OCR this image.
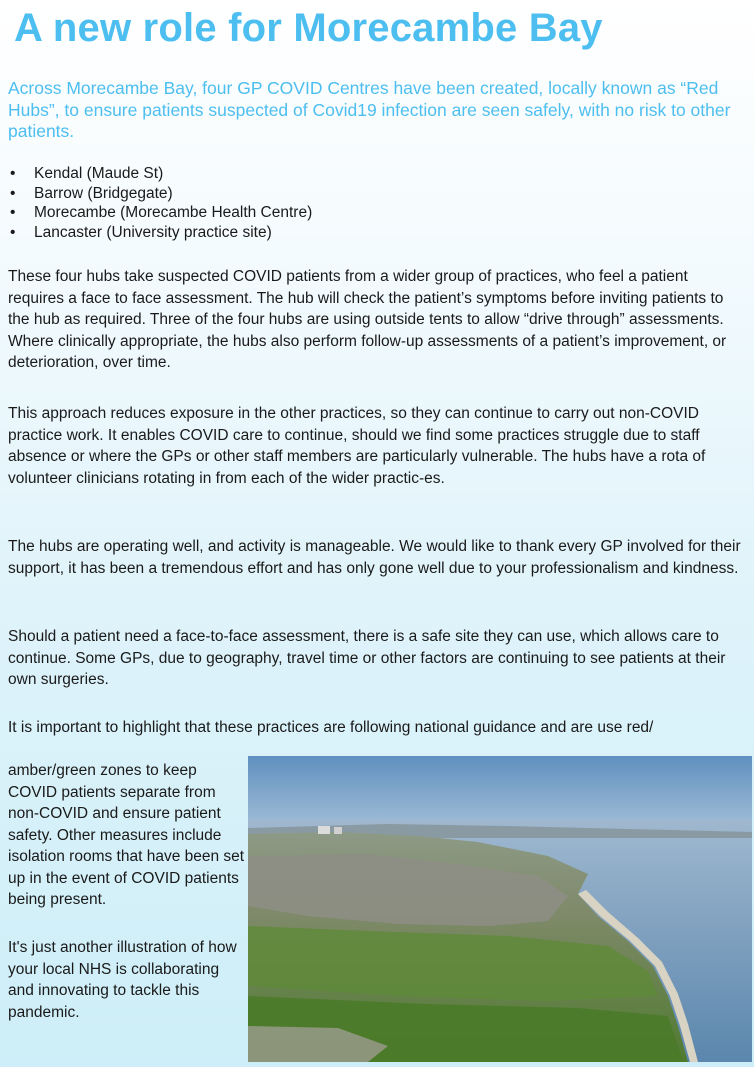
A new role for Morecambe Bay

Across Morecambe Bay, four GP COVID Centres have been created, locally known as “Red Hubs”, to ensure patients suspected of Covid19 infection are seen safely, with no risk to other patients.

• Kendal (Maude St)
• Barrow (Bridgegate)
• Morecambe (Morecambe Health Centre)
• Lancaster (University practice site)

These four hubs take suspected COVID patients from a wider group of practices, who feel a patient requires a face to face assessment. The hub will check the patient’s symptoms before inviting patients to the hub as required. Three of the four hubs are using outside tents to allow “drive through” assessments. Where clinically appropriate, the hubs also perform follow-up assessments of a patient’s improvement, or deterioration, over time.

This approach reduces exposure in the other practices, so they can continue to carry out non-COVID practice work. It enables COVID care to continue, should we find some practices struggle due to staff absence or where the GPs or other staff members are particularly vulnerable. The hubs have a rota of volunteer clinicians rotating in from each of the wider practic-es.

The hubs are operating well, and activity is manageable. We would like to thank every GP involved for their support, it has been a tremendous effort and has only gone well due to your professionalism and kindness.

Should a patient need a face-to-face assessment, there is a safe site they can use, which allows care to continue. Some GPs, due to geography, travel time or other factors are continuing to see patients at their own surgeries.

It is important to highlight that these practices are following national guidance and are use red/

amber/green zones to keep COVID patients separate from non-COVID and ensure patient safety. Other measures include isolation rooms that have been set up in the event of COVID patients being present.

It's just another illustration of how your local NHS is collaborating and innovating to tackle this pandemic.
